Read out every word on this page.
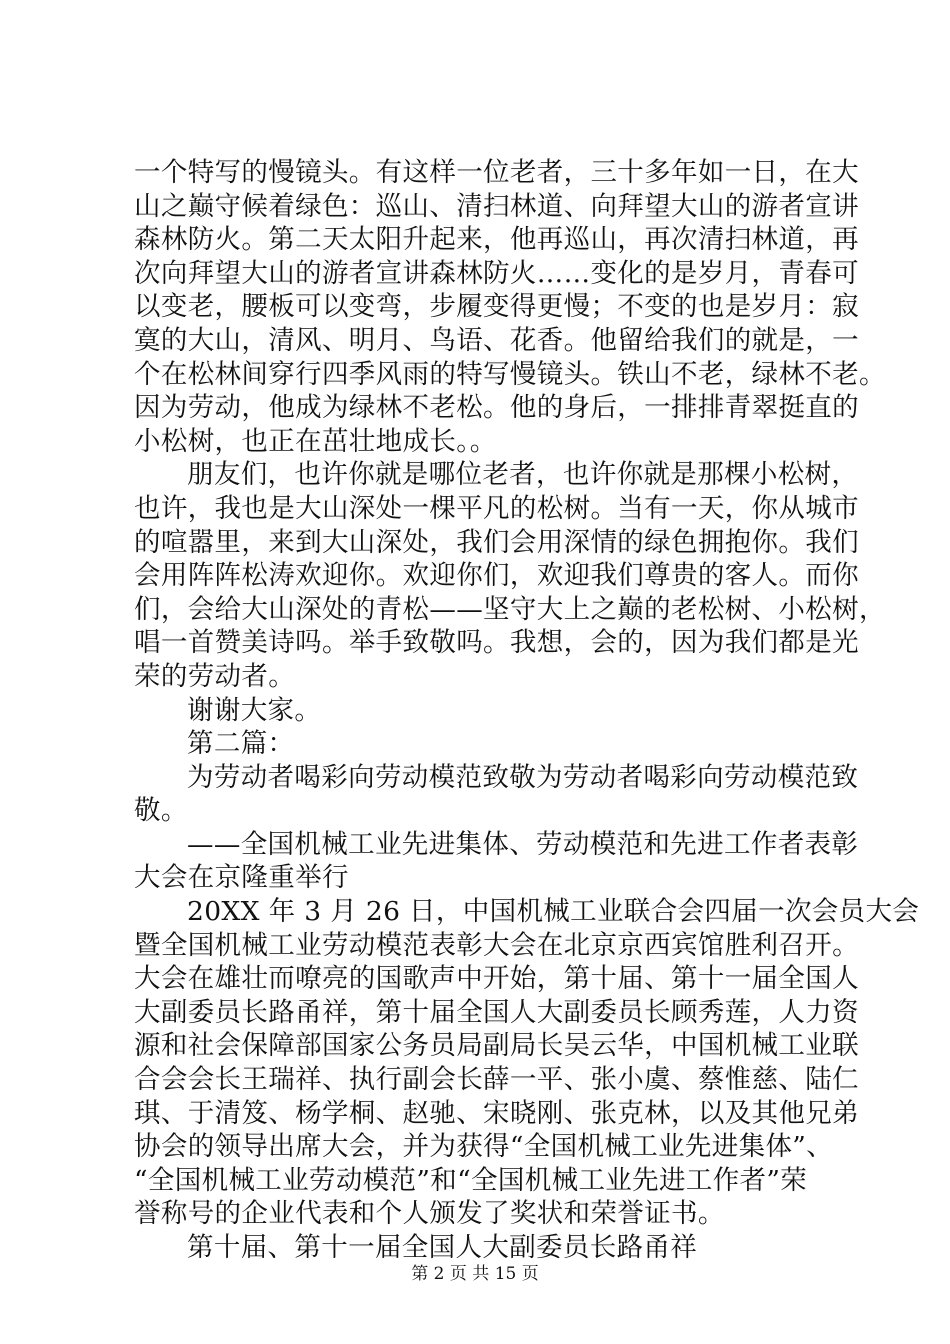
一个特写的慢镜头。有这样一位老者，三十多年如一日，在大
山之巅守候着绿色：巡山、清扫林道、向拜望大山的游者宣讲
森林防火。第二天太阳升起来，他再巡山，再次清扫林道，再
次向拜望大山的游者宣讲森林防火……变化的是岁月，青春可
以变老，腰板可以变弯，步履变得更慢；不变的也是岁月：寂
寞的大山，清风、明月、鸟语、花香。他留给我们的就是，一
个在松林间穿行四季风雨的特写慢镜头。铁山不老，绿林不老。
因为劳动，他成为绿林不老松。他的身后，一排排青翠挺直的
小松树，也正在茁壮地成长。。
朋友们，也许你就是哪位老者，也许你就是那棵小松树，
也许，我也是大山深处一棵平凡的松树。当有一天，你从城市
的喧嚣里，来到大山深处，我们会用深情的绿色拥抱你。我们
会用阵阵松涛欢迎你。欢迎你们，欢迎我们尊贵的客人。而你
们，会给大山深处的青松——坚守大上之巅的老松树、小松树，
唱一首赞美诗吗。举手致敬吗。我想，会的，因为我们都是光
荣的劳动者。
谢谢大家。
第二篇：
为劳动者喝彩向劳动模范致敬为劳动者喝彩向劳动模范致
敬。
——全国机械工业先进集体、劳动模范和先进工作者表彰
大会在京隆重举行
20XX 年 3 月 26 日，中国机械工业联合会四届一次会员大会
暨全国机械工业劳动模范表彰大会在北京京西宾馆胜利召开。
大会在雄壮而嘹亮的国歌声中开始，第十届、第十一届全国人
大副委员长路甬祥，第十届全国人大副委员长顾秀莲，人力资
源和社会保障部国家公务员局副局长吴云华，中国机械工业联
合会会长王瑞祥、执行副会长薛一平、张小虞、蔡惟慈、陆仁
琪、于清笈、杨学桐、赵驰、宋晓刚、张克林，以及其他兄弟
协会的领导出席大会，并为获得“全国机械工业先进集体”、
“全国机械工业劳动模范”和“全国机械工业先进工作者”荣
誉称号的企业代表和个人颁发了奖状和荣誉证书。
第十届、第十一届全国人大副委员长路甬祥
第 2 页 共 15 页
